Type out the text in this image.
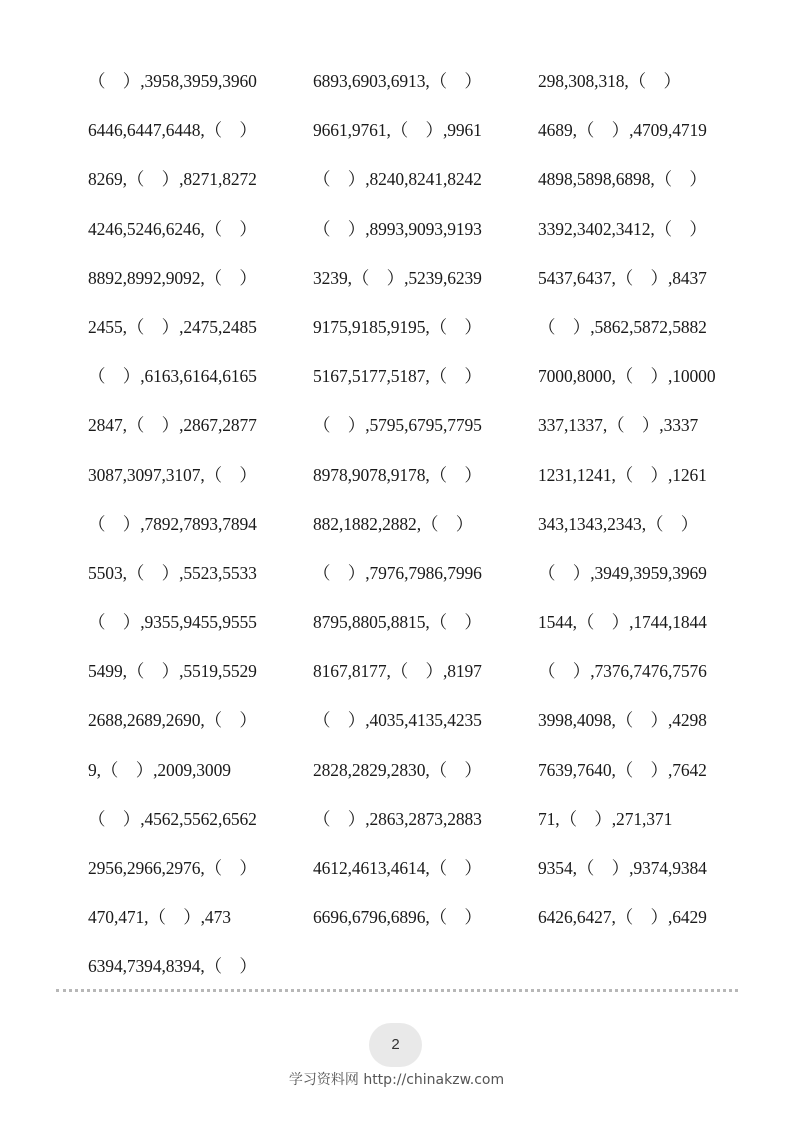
（　）,3958,3959,3960	6893,6903,6913,（　）	298,308,318,（　）
6446,6447,6448,（　）	9661,9761,（　）,9961	4689,（　）,4709,4719
8269,（　）,8271,8272	（　）,8240,8241,8242	4898,5898,6898,（　）
4246,5246,6246,（　）	（　）,8993,9093,9193	3392,3402,3412,（　）
8892,8992,9092,（　）	3239,（　）,5239,6239	5437,6437,（　）,8437
2455,（　）,2475,2485	9175,9185,9195,（　）	（　）,5862,5872,5882
（　）,6163,6164,6165	5167,5177,5187,（　）	7000,8000,（　）,10000
2847,（　）,2867,2877	（　）,5795,6795,7795	337,1337,（　）,3337
3087,3097,3107,（　）	8978,9078,9178,（　）	1231,1241,（　）,1261
（　）,7892,7893,7894	882,1882,2882,（　）	343,1343,2343,（　）
5503,（　）,5523,5533	（　）,7976,7986,7996	（　）,3949,3959,3969
（　）,9355,9455,9555	8795,8805,8815,（　）	1544,（　）,1744,1844
5499,（　）,5519,5529	8167,8177,（　）,8197	（　）,7376,7476,7576
2688,2689,2690,（　）	（　）,4035,4135,4235	3998,4098,（　）,4298
9,（　）,2009,3009	2828,2829,2830,（　）	7639,7640,（　）,7642
（　）,4562,5562,6562	（　）,2863,2873,2883	71,（　）,271,371
2956,2966,2976,（　）	4612,4613,4614,（　）	9354,（　）,9374,9384
470,471,（　）,473	6696,6796,6896,（　）	6426,6427,（　）,6429
6394,7394,8394,（　）
2
学习资料网 http://chinakzw.com
